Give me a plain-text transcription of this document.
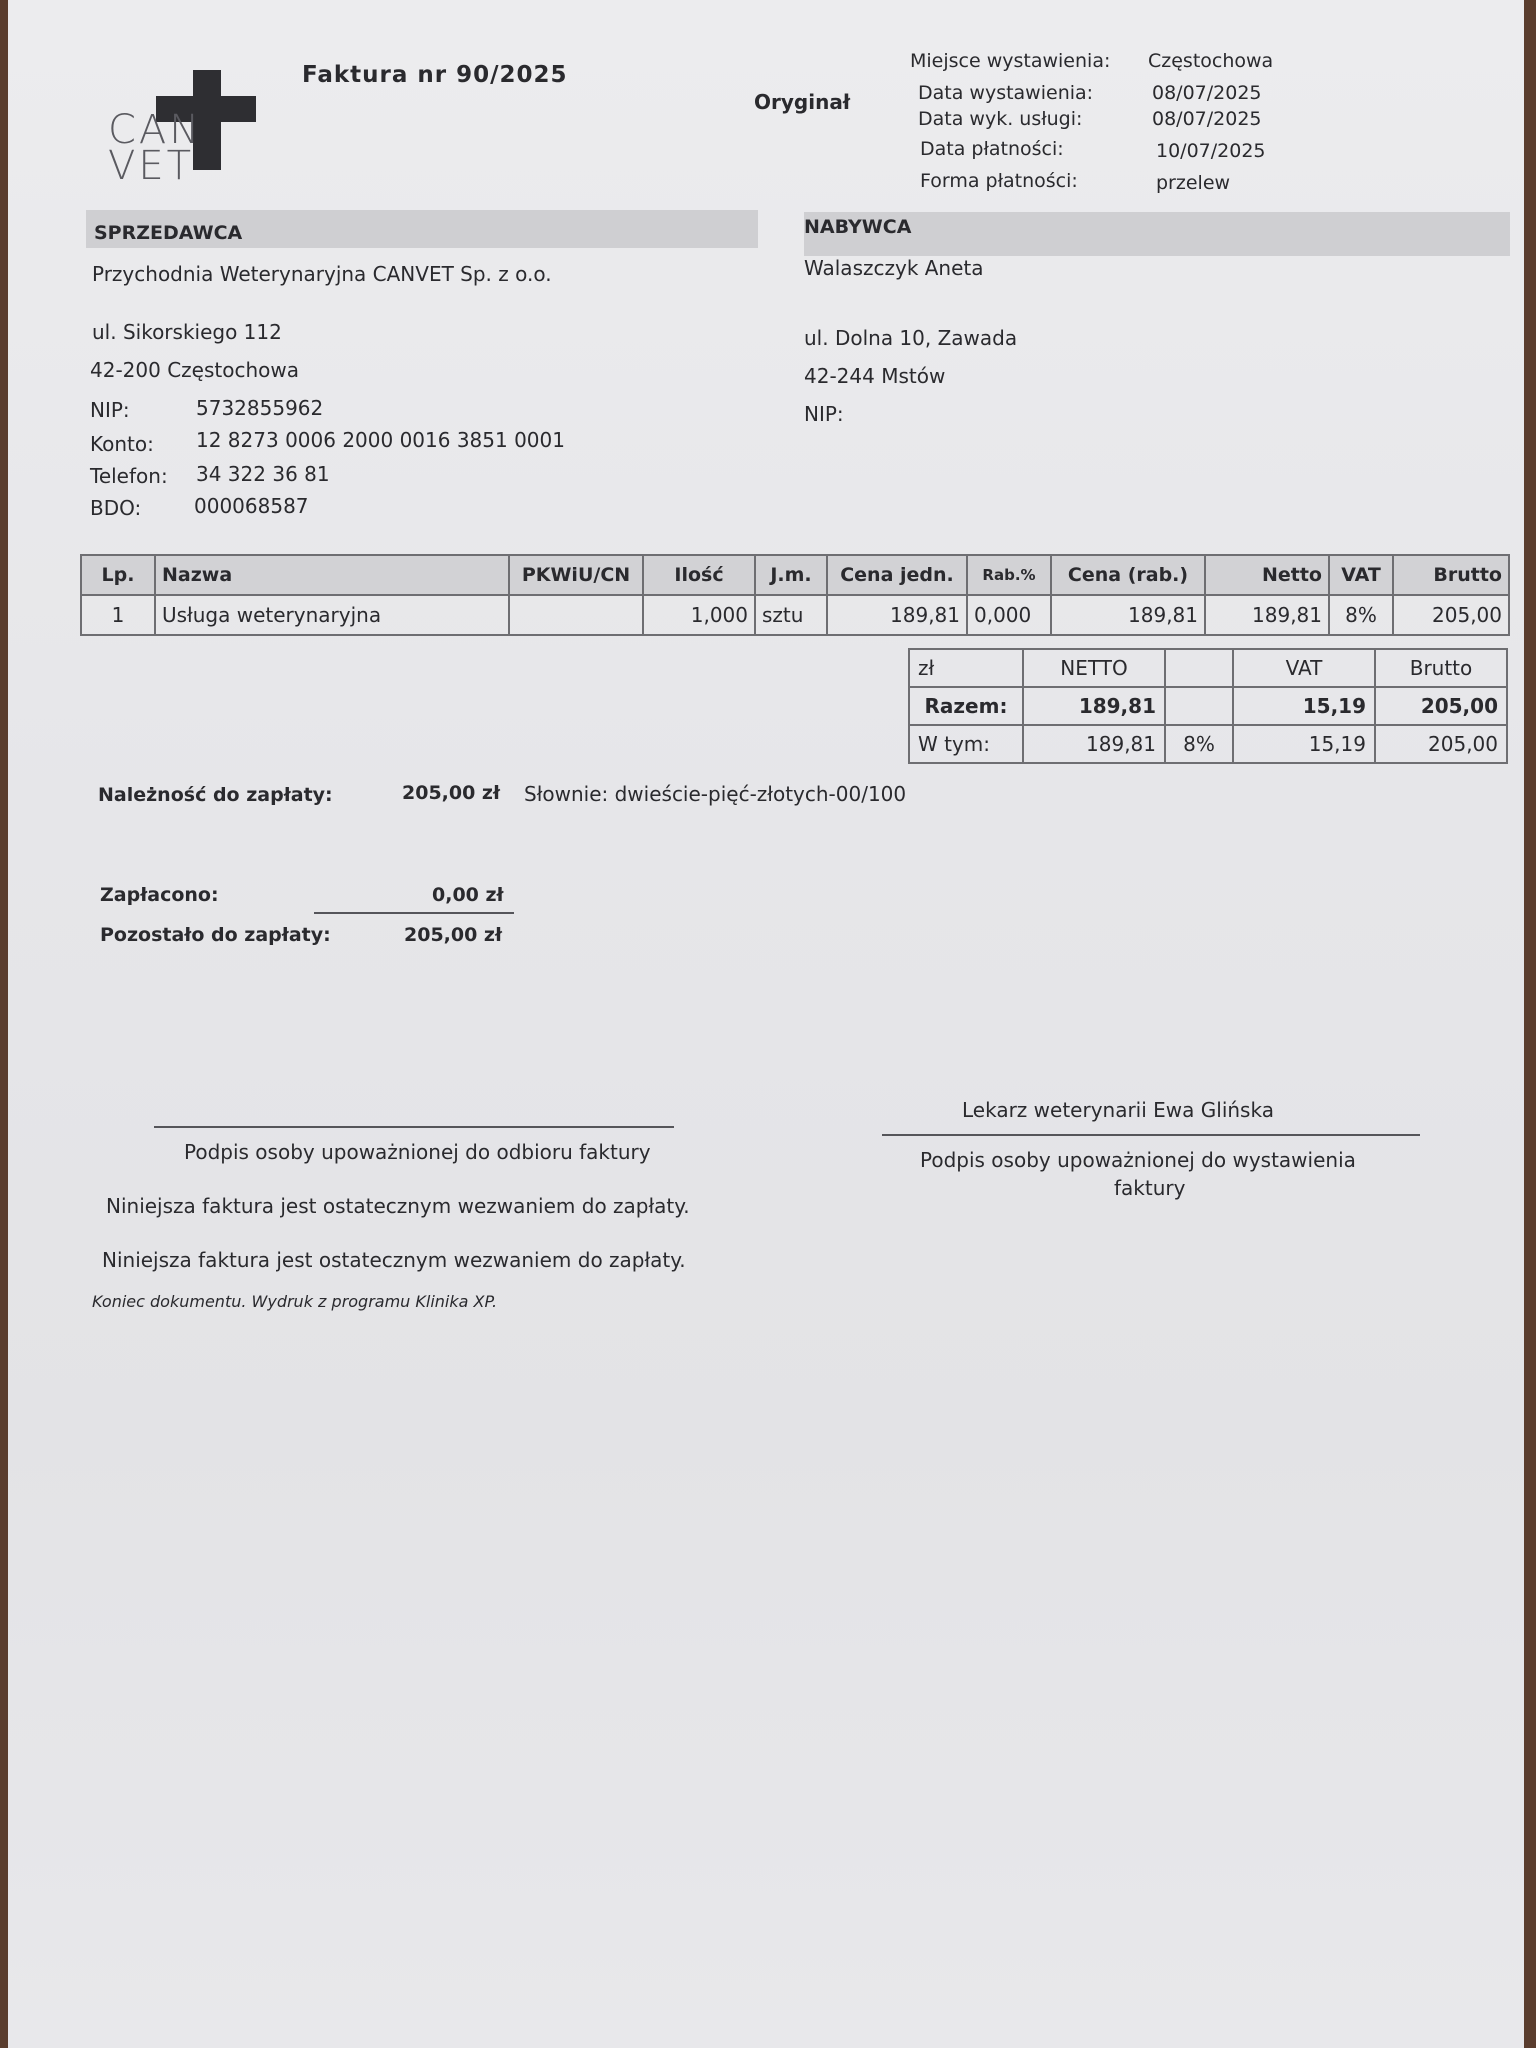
CAN
VET
Faktura nr 90/2025
Oryginał
Miejsce wystawienia: Częstochowa
Data wystawienia:	08/07/2025
Data wyk. usługi:	08/07/2025
Data płatności:	10/07/2025
Forma płatności:	przelew
SPRZEDAWCA
Przychodnia Weterynaryjna CANVET Sp. z o.o.
ul. Sikorskiego 112
42-200 Częstochowa
NIP:	5732855962
Konto: 12 8273 0006 2000 0016 3851 0001
Telefon: 34 322 36 81
BDO:	000068587
NABYWCA
Walaszczyk Aneta
ul. Dolna 10, Zawada
42-244 Mstów
NIP:
Lp.	Nazwa	PKWiU/CN	Ilość	J.m.	Cena jedn.	Rab.%	Cena (rab.)	Netto	VAT	Brutto
1	Usługa weterynaryjna		1,000	sztu	189,81	0,000	189,81	189,81	8%	205,00
zł	NETTO		VAT	Brutto
Razem:	189,81		15,19	205,00
W tym:	189,81	8%	15,19	205,00
Należność do zapłaty:	205,00 zł Słownie: dwieście-pięć-złotych-00/100
Zapłacono:	0,00 zł
Pozostało do zapłaty:	205,00 zł
Podpis osoby upoważnionej do odbioru faktury
Lekarz weterynarii Ewa Glińska
Podpis osoby upoważnionej do wystawienia
faktury
Niniejsza faktura jest ostatecznym wezwaniem do zapłaty.
Niniejsza faktura jest ostatecznym wezwaniem do zapłaty.
Koniec dokumentu. Wydruk z programu Klinika XP.
